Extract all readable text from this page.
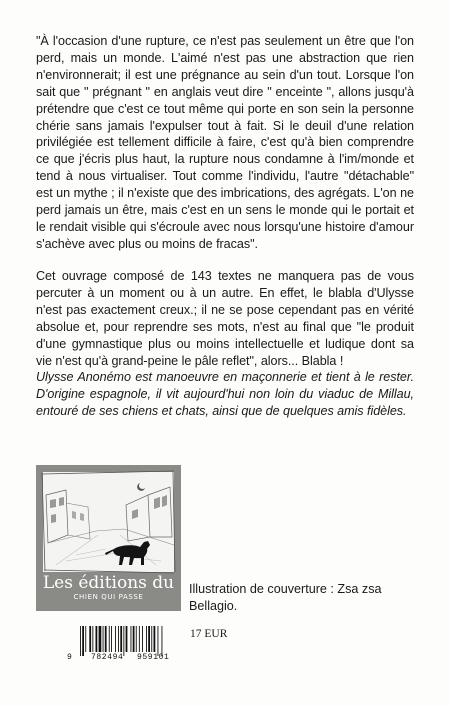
"À l'occasion d'une rupture, ce n'est pas seulement un être que l'on perd, mais un monde. L'aimé n'est pas une abstraction que rien n'environnerait; il est une prégnance au sein d'un tout. Lorsque l'on sait que " prégnant " en anglais veut dire " enceinte ", allons jusqu'à prétendre que c'est ce tout même qui porte en son sein la personne chérie sans jamais l'expulser tout à fait. Si le deuil d'une relation privilégiée est tellement difficile à faire, c'est qu'à bien comprendre ce que j'écris plus haut, la rupture nous condamne à l'im/monde et tend à nous virtualiser. Tout comme l'individu, l'autre "détachable" est un mythe ; il n'existe que des imbrications, des agrégats. L'on ne perd jamais un être, mais c'est en un sens le monde qui le portait et le rendait visible qui s'écroule avec nous lorsqu'une histoire d'amour s'achève avec plus ou moins de fracas".

Cet ouvrage composé de 143 textes ne manquera pas de vous percuter à un moment ou à un autre. En effet, le blabla d'Ulysse n'est pas exactement creux.; il ne se pose cependant pas en vérité absolue et, pour reprendre ses mots, n'est au final que "le produit d'une gymnastique plus ou moins intellectuelle et ludique dont sa vie n'est qu'à grand-peine le pâle reflet", alors... Blabla !

Ulysse Anonémo est manoeuvre en maçonnerie et tient à le rester. D'origine espagnole, il vit aujourd'hui non loin du viaduc de Millau, entouré de ses chiens et chats, ainsi que de quelques amis fidèles.

Les éditions du
CHIEN QUI PASSE
Illustration de couverture : Zsa zsa Bellagio.
9 782494 959101
17 EUR
